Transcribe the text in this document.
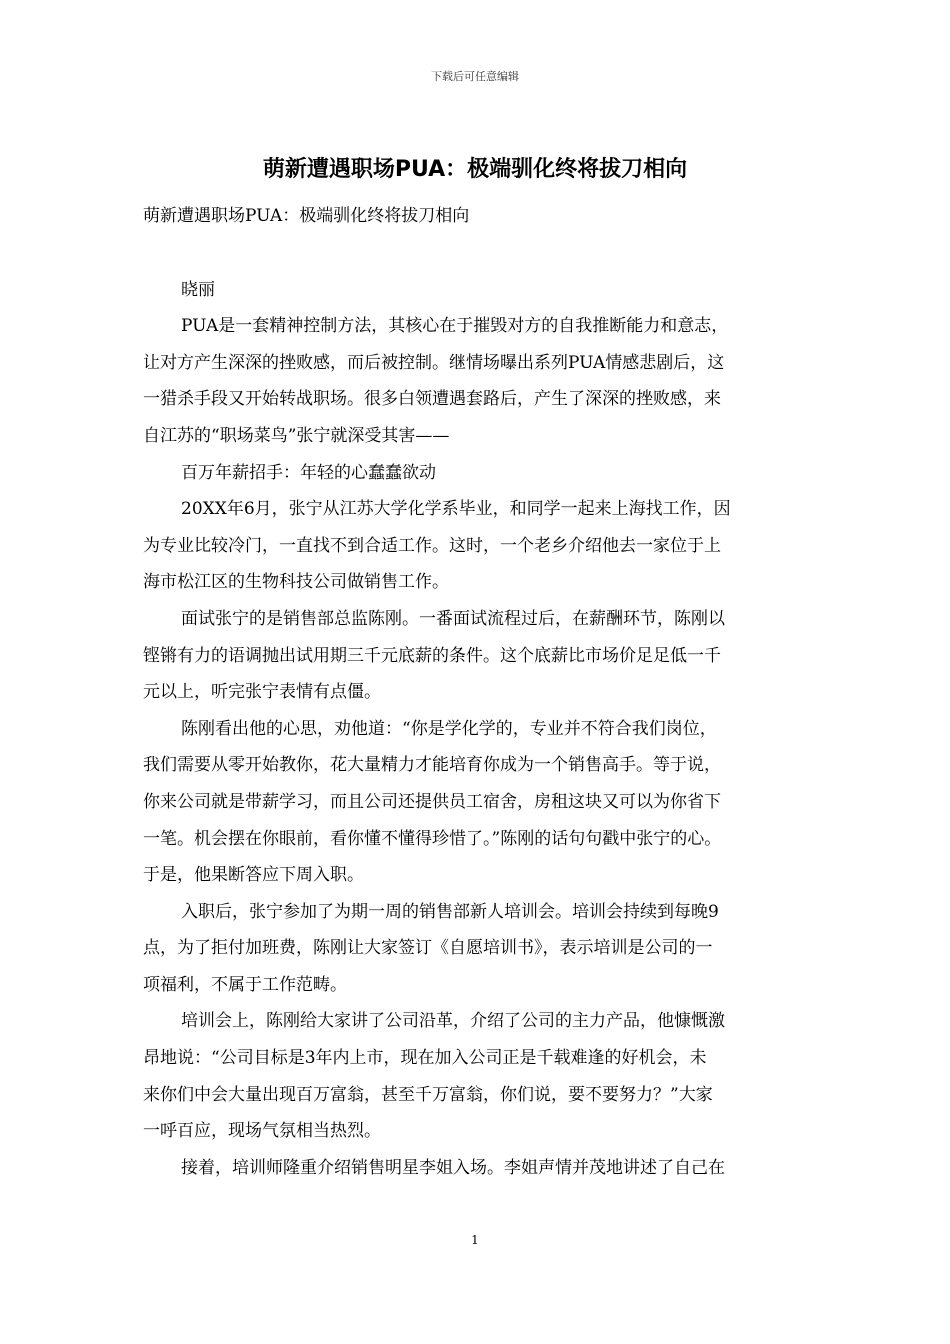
下载后可任意编辑
萌新遭遇职场PUA：极端驯化终将拔刀相向
萌新遭遇职场PUA：极端驯化终将拔刀相向
晓丽
PUA是一套精神控制方法，其核心在于摧毁对方的自我推断能力和意志，
让对方产生深深的挫败感，而后被控制。继情场曝出系列PUA情感悲剧后，这
一猎杀手段又开始转战职场。很多白领遭遇套路后，产生了深深的挫败感，来
自江苏的“职场菜鸟”张宁就深受其害——
百万年薪招手：年轻的心蠢蠢欲动
20XX年6月，张宁从江苏大学化学系毕业，和同学一起来上海找工作，因
为专业比较冷门，一直找不到合适工作。这时，一个老乡介绍他去一家位于上
海市松江区的生物科技公司做销售工作。
面试张宁的是销售部总监陈刚。一番面试流程过后，在薪酬环节，陈刚以
铿锵有力的语调抛出试用期三千元底薪的条件。这个底薪比市场价足足低一千
元以上，听完张宁表情有点僵。
陈刚看出他的心思，劝他道：“你是学化学的，专业并不符合我们岗位，
我们需要从零开始教你，花大量精力才能培育你成为一个销售高手。等于说，
你来公司就是带薪学习，而且公司还提供员工宿舍，房租这块又可以为你省下
一笔。机会摆在你眼前，看你懂不懂得珍惜了。”陈刚的话句句戳中张宁的心。
于是，他果断答应下周入职。
入职后，张宁参加了为期一周的销售部新人培训会。培训会持续到每晚9
点，为了拒付加班费，陈刚让大家签订《自愿培训书》，表示培训是公司的一
项福利，不属于工作范畴。
培训会上，陈刚给大家讲了公司沿革，介绍了公司的主力产品，他慷慨激
昂地说：“公司目标是3年内上市，现在加入公司正是千载难逢的好机会，未
来你们中会大量出现百万富翁，甚至千万富翁，你们说，要不要努力？”大家
一呼百应，现场气氛相当热烈。
接着，培训师隆重介绍销售明星李姐入场。李姐声情并茂地讲述了自己在
1
